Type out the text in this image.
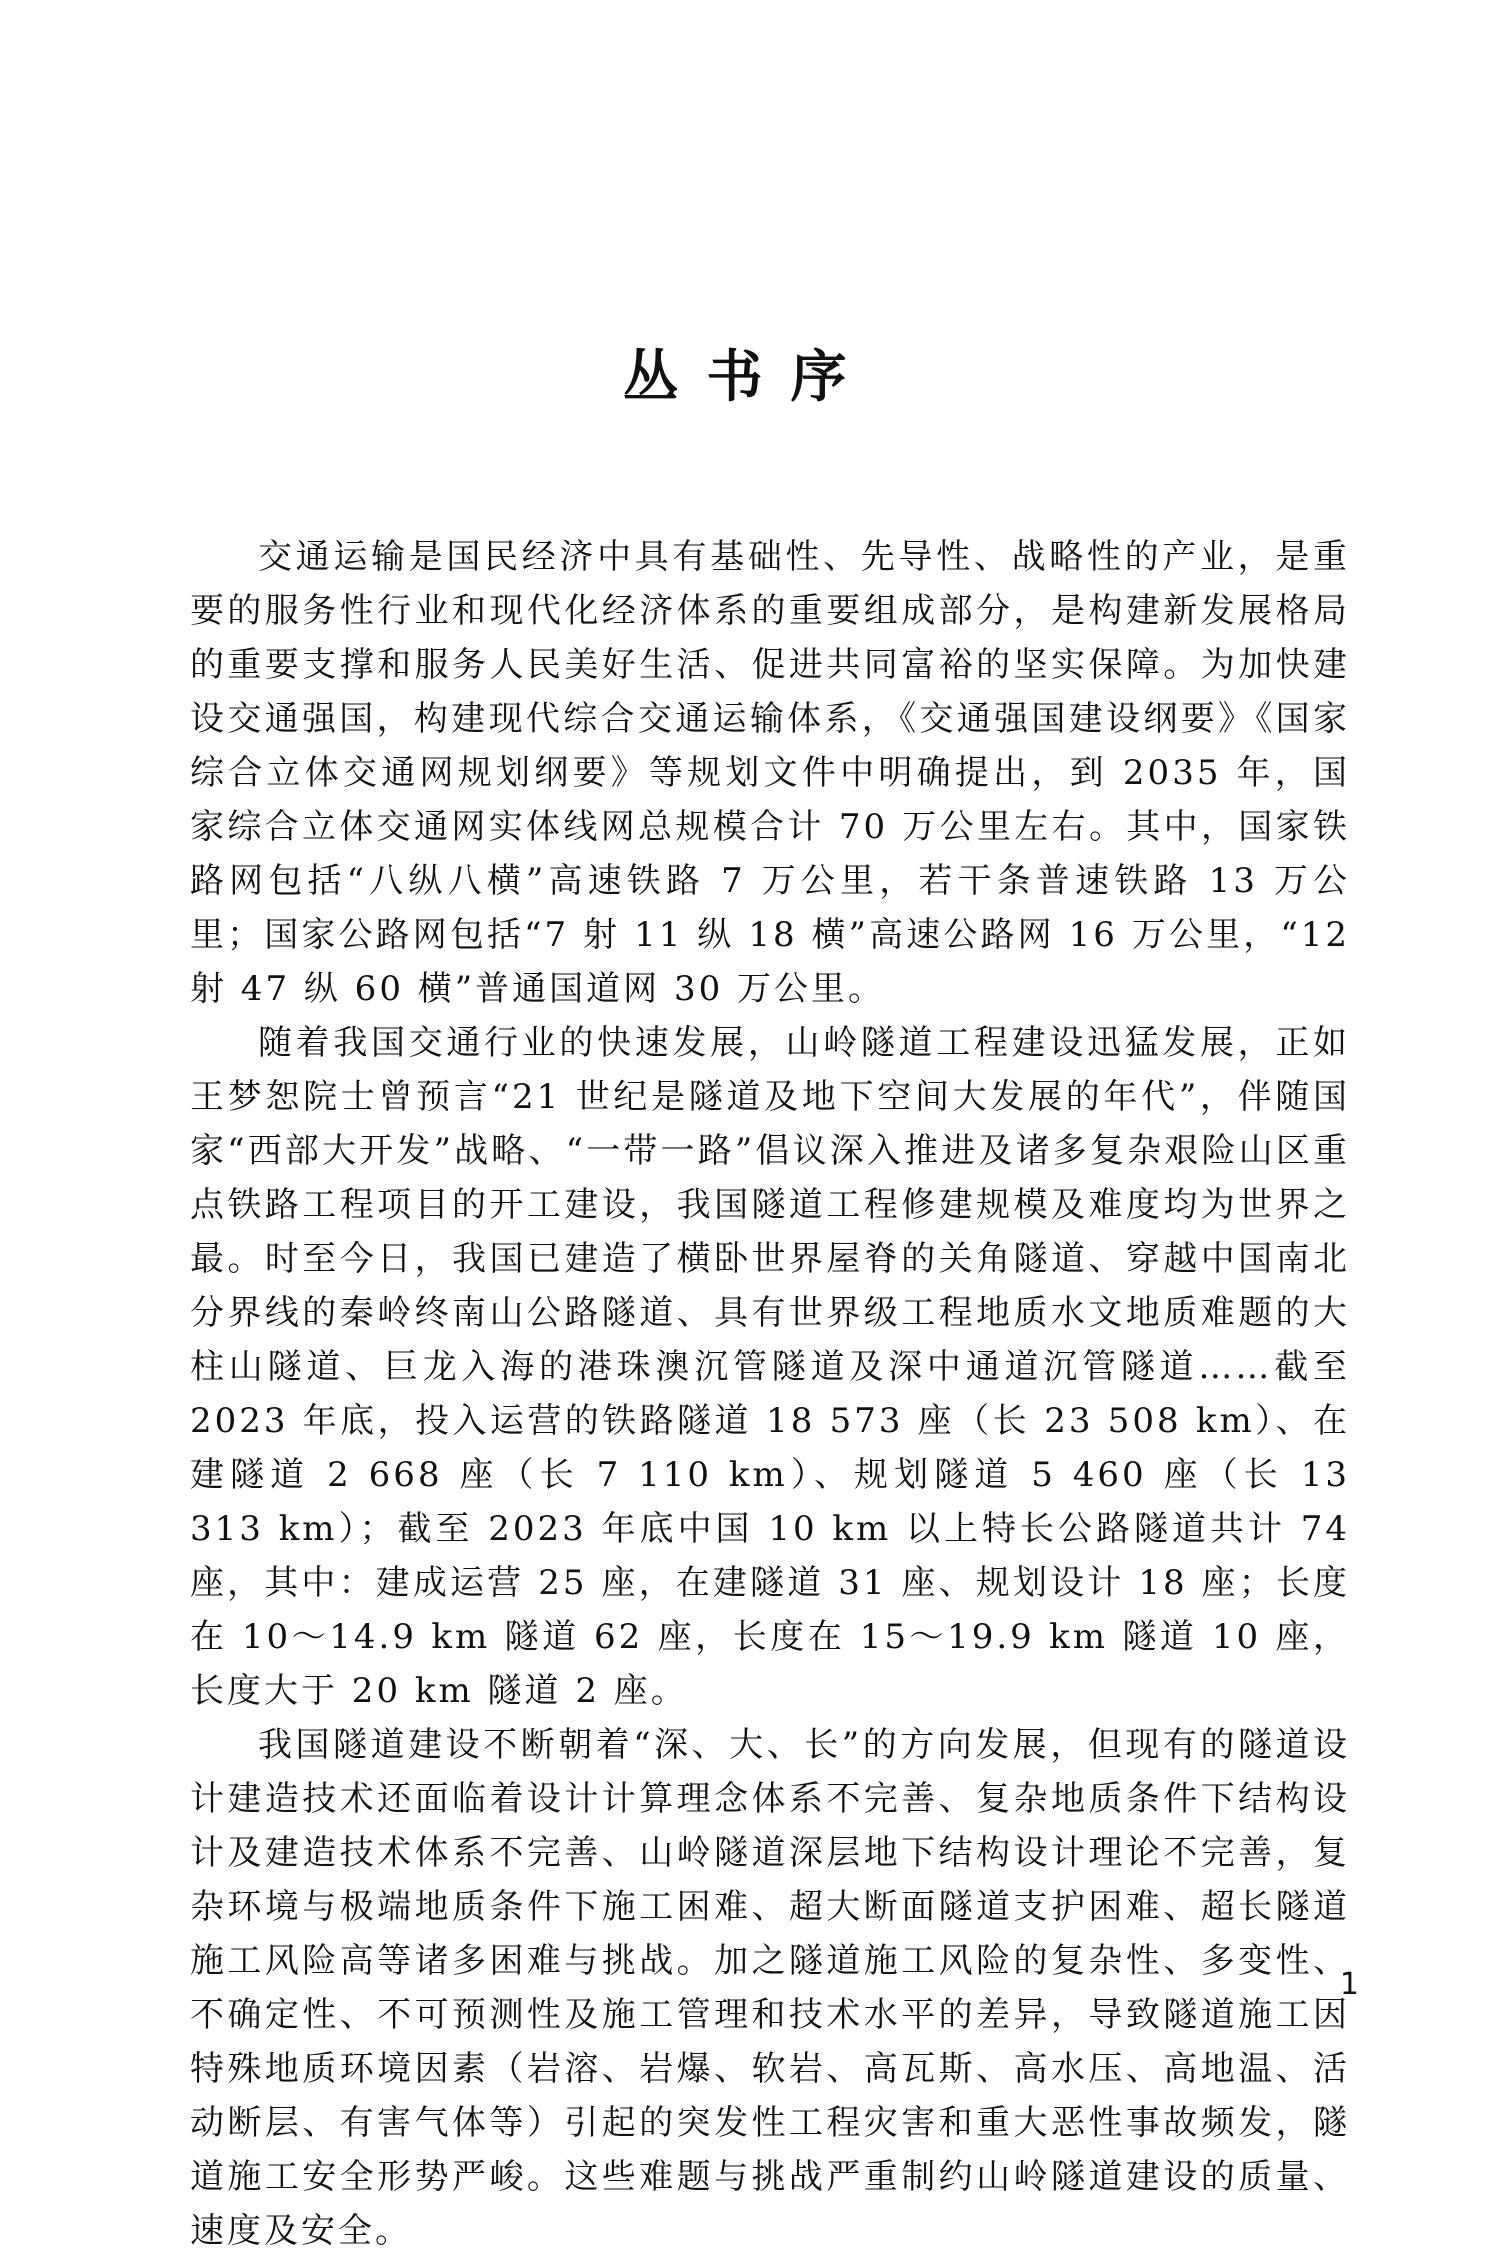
丛书序

交通运输是国民经济中具有基础性、先导性、战略性的产业，是重要的服务性行业和现代化经济体系的重要组成部分，是构建新发展格局的重要支撑和服务人民美好生活、促进共同富裕的坚实保障。为加快建设交通强国，构建现代综合交通运输体系，《交通强国建设纲要》《国家综合立体交通网规划纲要》等规划文件中明确提出，到 2035 年，国家综合立体交通网实体线网总规模合计 70 万公里左右。其中，国家铁路网包括“八纵八横”高速铁路 7 万公里，若干条普速铁路 13 万公里；国家公路网包括“7 射 11 纵 18 横”高速公路网 16 万公里，“12 射 47 纵 60 横”普通国道网 30 万公里。

随着我国交通行业的快速发展，山岭隧道工程建设迅猛发展，正如王梦恕院士曾预言“21 世纪是隧道及地下空间大发展的年代”，伴随国家“西部大开发”战略、“一带一路”倡议深入推进及诸多复杂艰险山区重点铁路工程项目的开工建设，我国隧道工程修建规模及难度均为世界之最。时至今日，我国已建造了横卧世界屋脊的关角隧道、穿越中国南北分界线的秦岭终南山公路隧道、具有世界级工程地质水文地质难题的大柱山隧道、巨龙入海的港珠澳沉管隧道及深中通道沉管隧道……截至 2023 年底，投入运营的铁路隧道 18 573 座（长 23 508 km）、在建隧道 2 668 座（长 7 110 km）、规划隧道 5 460 座（长 13 313 km）；截至 2023 年底中国 10 km 以上特长公路隧道共计 74 座，其中：建成运营 25 座，在建隧道 31 座、规划设计 18 座；长度在 10～14.9 km 隧道 62 座，长度在 15～19.9 km 隧道 10 座，长度大于 20 km 隧道 2 座。

我国隧道建设不断朝着“深、大、长”的方向发展，但现有的隧道设计建造技术还面临着设计计算理念体系不完善、复杂地质条件下结构设计及建造技术体系不完善、山岭隧道深层地下结构设计理论不完善，复杂环境与极端地质条件下施工困难、超大断面隧道支护困难、超长隧道施工风险高等诸多困难与挑战。加之隧道施工风险的复杂性、多变性、不确定性、不可预测性及施工管理和技术水平的差异，导致隧道施工因特殊地质环境因素（岩溶、岩爆、软岩、高瓦斯、高水压、高地温、活动断层、有害气体等）引起的突发性工程灾害和重大恶性事故频发，隧道施工安全形势严峻。这些难题与挑战严重制约山岭隧道建设的质量、速度及安全。

1
